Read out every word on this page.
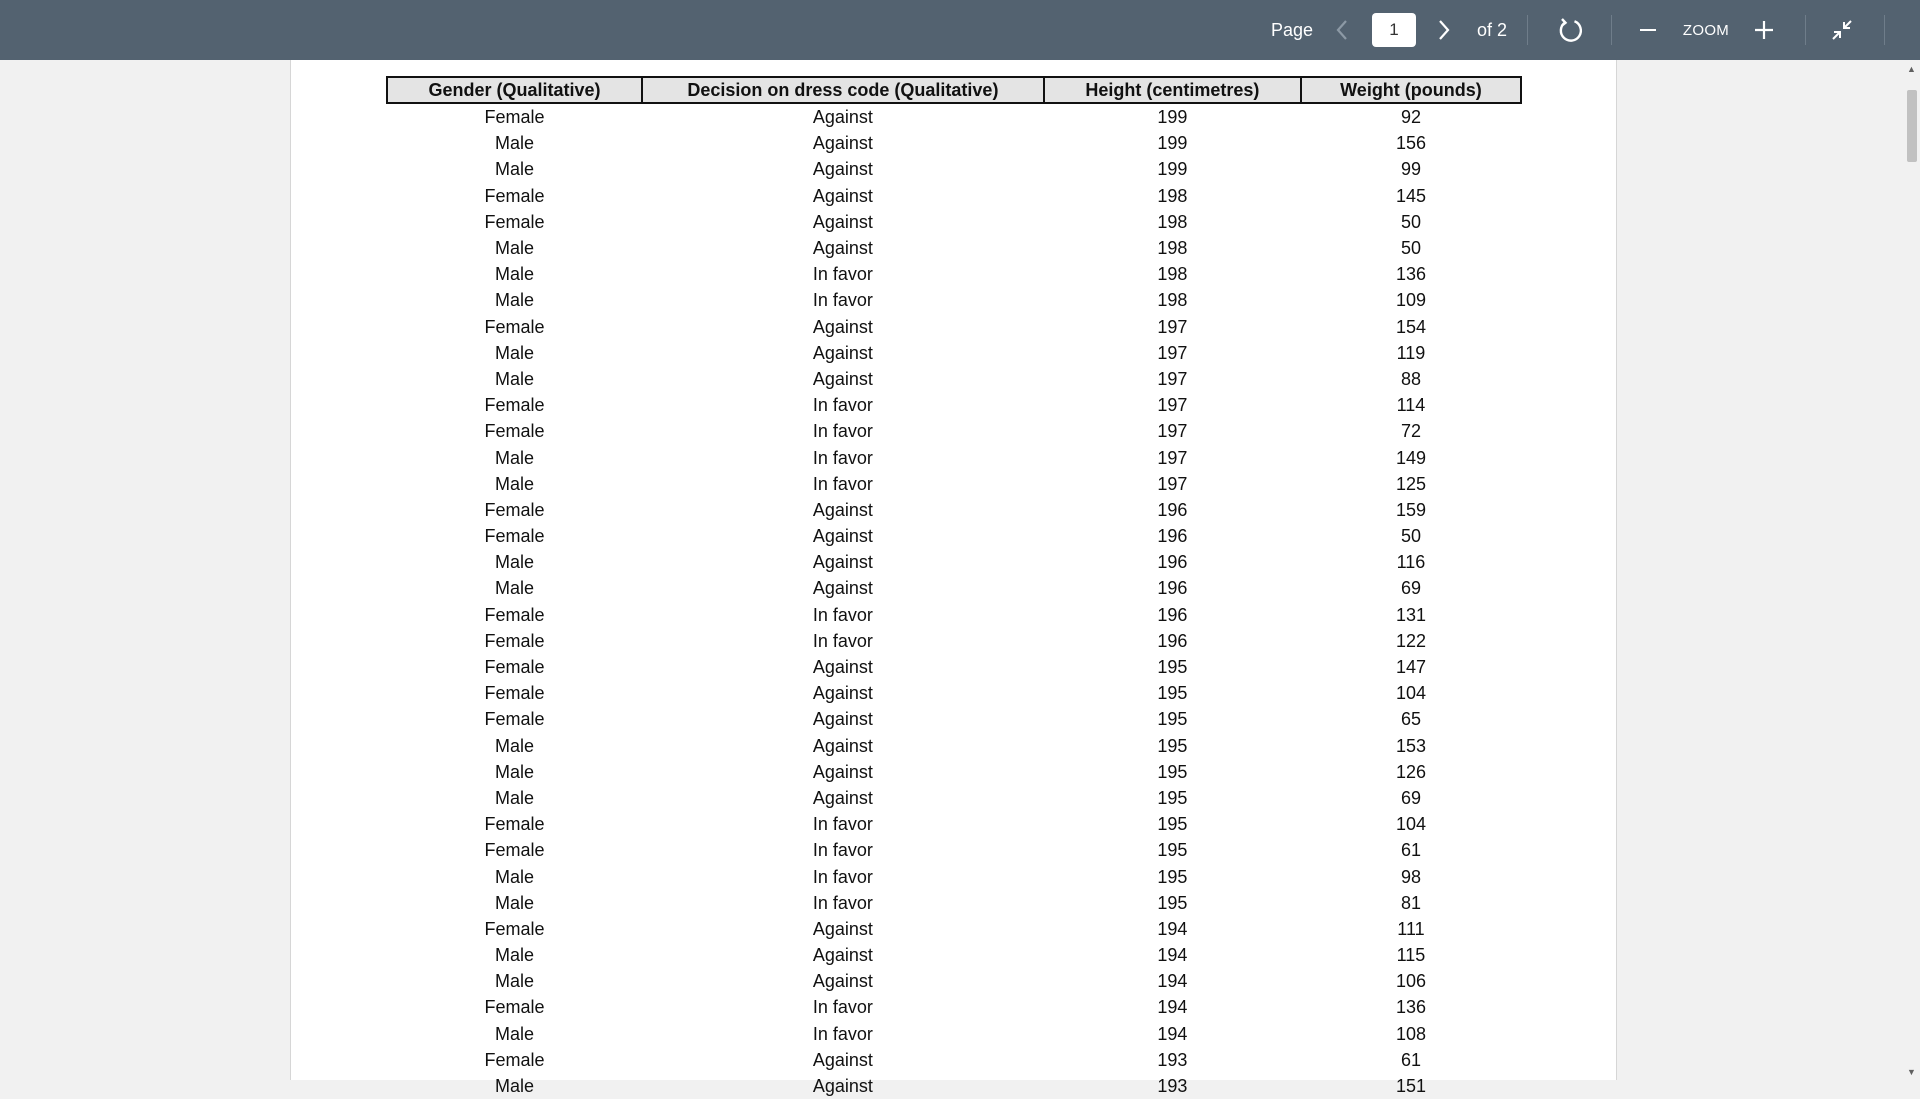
Page
1	of 2	ZOOM
Gender (Qualitative)	Decision on dress code (Qualitative)	Height (centimetres)	Weight (pounds)
Female	Against	199	92
Male	Against	199	156
Male	Against	199	99
Female	Against	198	145
Female	Against	198	50
Male	Against	198	50
Male	In favor	198	136
Male	In favor	198	109
Female	Against	197	154
Male	Against	197	119
Male	Against	197	88
Female	In favor	197	114
Female	In favor	197	72
Male	In favor	197	149
Male	In favor	197	125
Female	Against	196	159
Female	Against	196	50
Male	Against	196	116
Male	Against	196	69
Female	In favor	196	131
Female	In favor	196	122
Female	Against	195	147
Female	Against	195	104
Female	Against	195	65
Male	Against	195	153
Male	Against	195	126
Male	Against	195	69
Female	In favor	195	104
Female	In favor	195	61
Male	In favor	195	98
Male	In favor	195	81
Female	Against	194	111
Male	Against	194	115
Male	Against	194	106
Female	In favor	194	136
Male	In favor	194	108
Female	Against	193	61
Male	Against	193	151
▲
▼
